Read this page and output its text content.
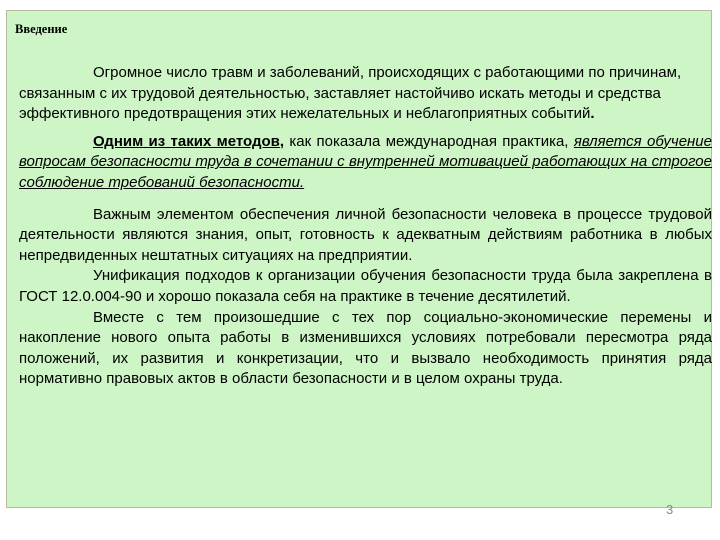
Введение

Огромное число травм и заболеваний, происходящих с работающими по причинам, связанным с их трудовой деятельностью, заставляет настойчиво искать методы и средства эффективного предотвращения этих нежелательных и неблагоприятных событий.

Одним из таких методов, как показала международная практика, является обучение вопросам безопасности труда в сочетании с внутренней мотивацией работающих на строгое соблюдение требований безопасности.

Важным элементом обеспечения личной безопасности человека в процессе трудовой деятельности являются знания, опыт, готовность к адекватным действиям работника в любых непредвиденных нештатных ситуациях на предприятии.

Унификация подходов к организации обучения безопасности труда была закреплена в ГОСТ 12.0.004-90 и хорошо показала себя на практике в течение десятилетий.

Вместе с тем произошедшие с тех пор социально-экономические перемены и накопление нового опыта работы в изменившихся условиях потребовали пересмотра ряда положений, их развития и конкретизации, что и вызвало необходимость принятия ряда нормативно правовых актов в области безопасности и в целом охраны труда.

3
